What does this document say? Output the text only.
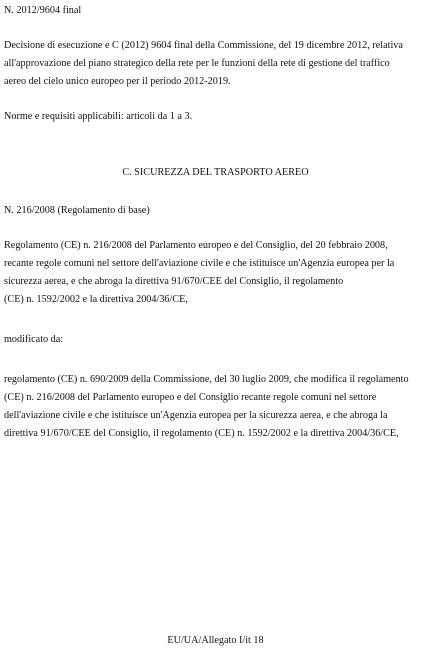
N. 2012/9604 final
Decisione di esecuzione e C (2012) 9604 final della Commissione, del 19 dicembre 2012, relativa
all'approvazione del piano strategico della rete per le funzioni della rete di gestione del traffico
aereo del cielo unico europeo per il periodo 2012-2019.
Norme e requisiti applicabili: articoli da 1 a 3.
C. SICUREZZA DEL TRASPORTO AEREO
N. 216/2008 (Regolamento di base)
Regolamento (CE) n. 216/2008 del Parlamento europeo e del Consiglio, del 20 febbraio 2008,
recante regole comuni nel settore dell'aviazione civile e che istituisce un'Agenzia europea per la
sicurezza aerea, e che abroga la direttiva 91/670/CEE del Consiglio, il regolamento
(CE) n. 1592/2002 e la direttiva 2004/36/CE,
modificato da:
regolamento (CE) n. 690/2009 della Commissione, del 30 luglio 2009, che modifica il regolamento
(CE) n. 216/2008 del Parlamento europeo e del Consiglio recante regole comuni nel settore
dell'aviazione civile e che istituisce un'Agenzia europea per la sicurezza aerea, e che abroga la
direttiva 91/670/CEE del Consiglio, il regolamento (CE) n. 1592/2002 e la direttiva 2004/36/CE,
EU/UA/Allegato I/it 18
